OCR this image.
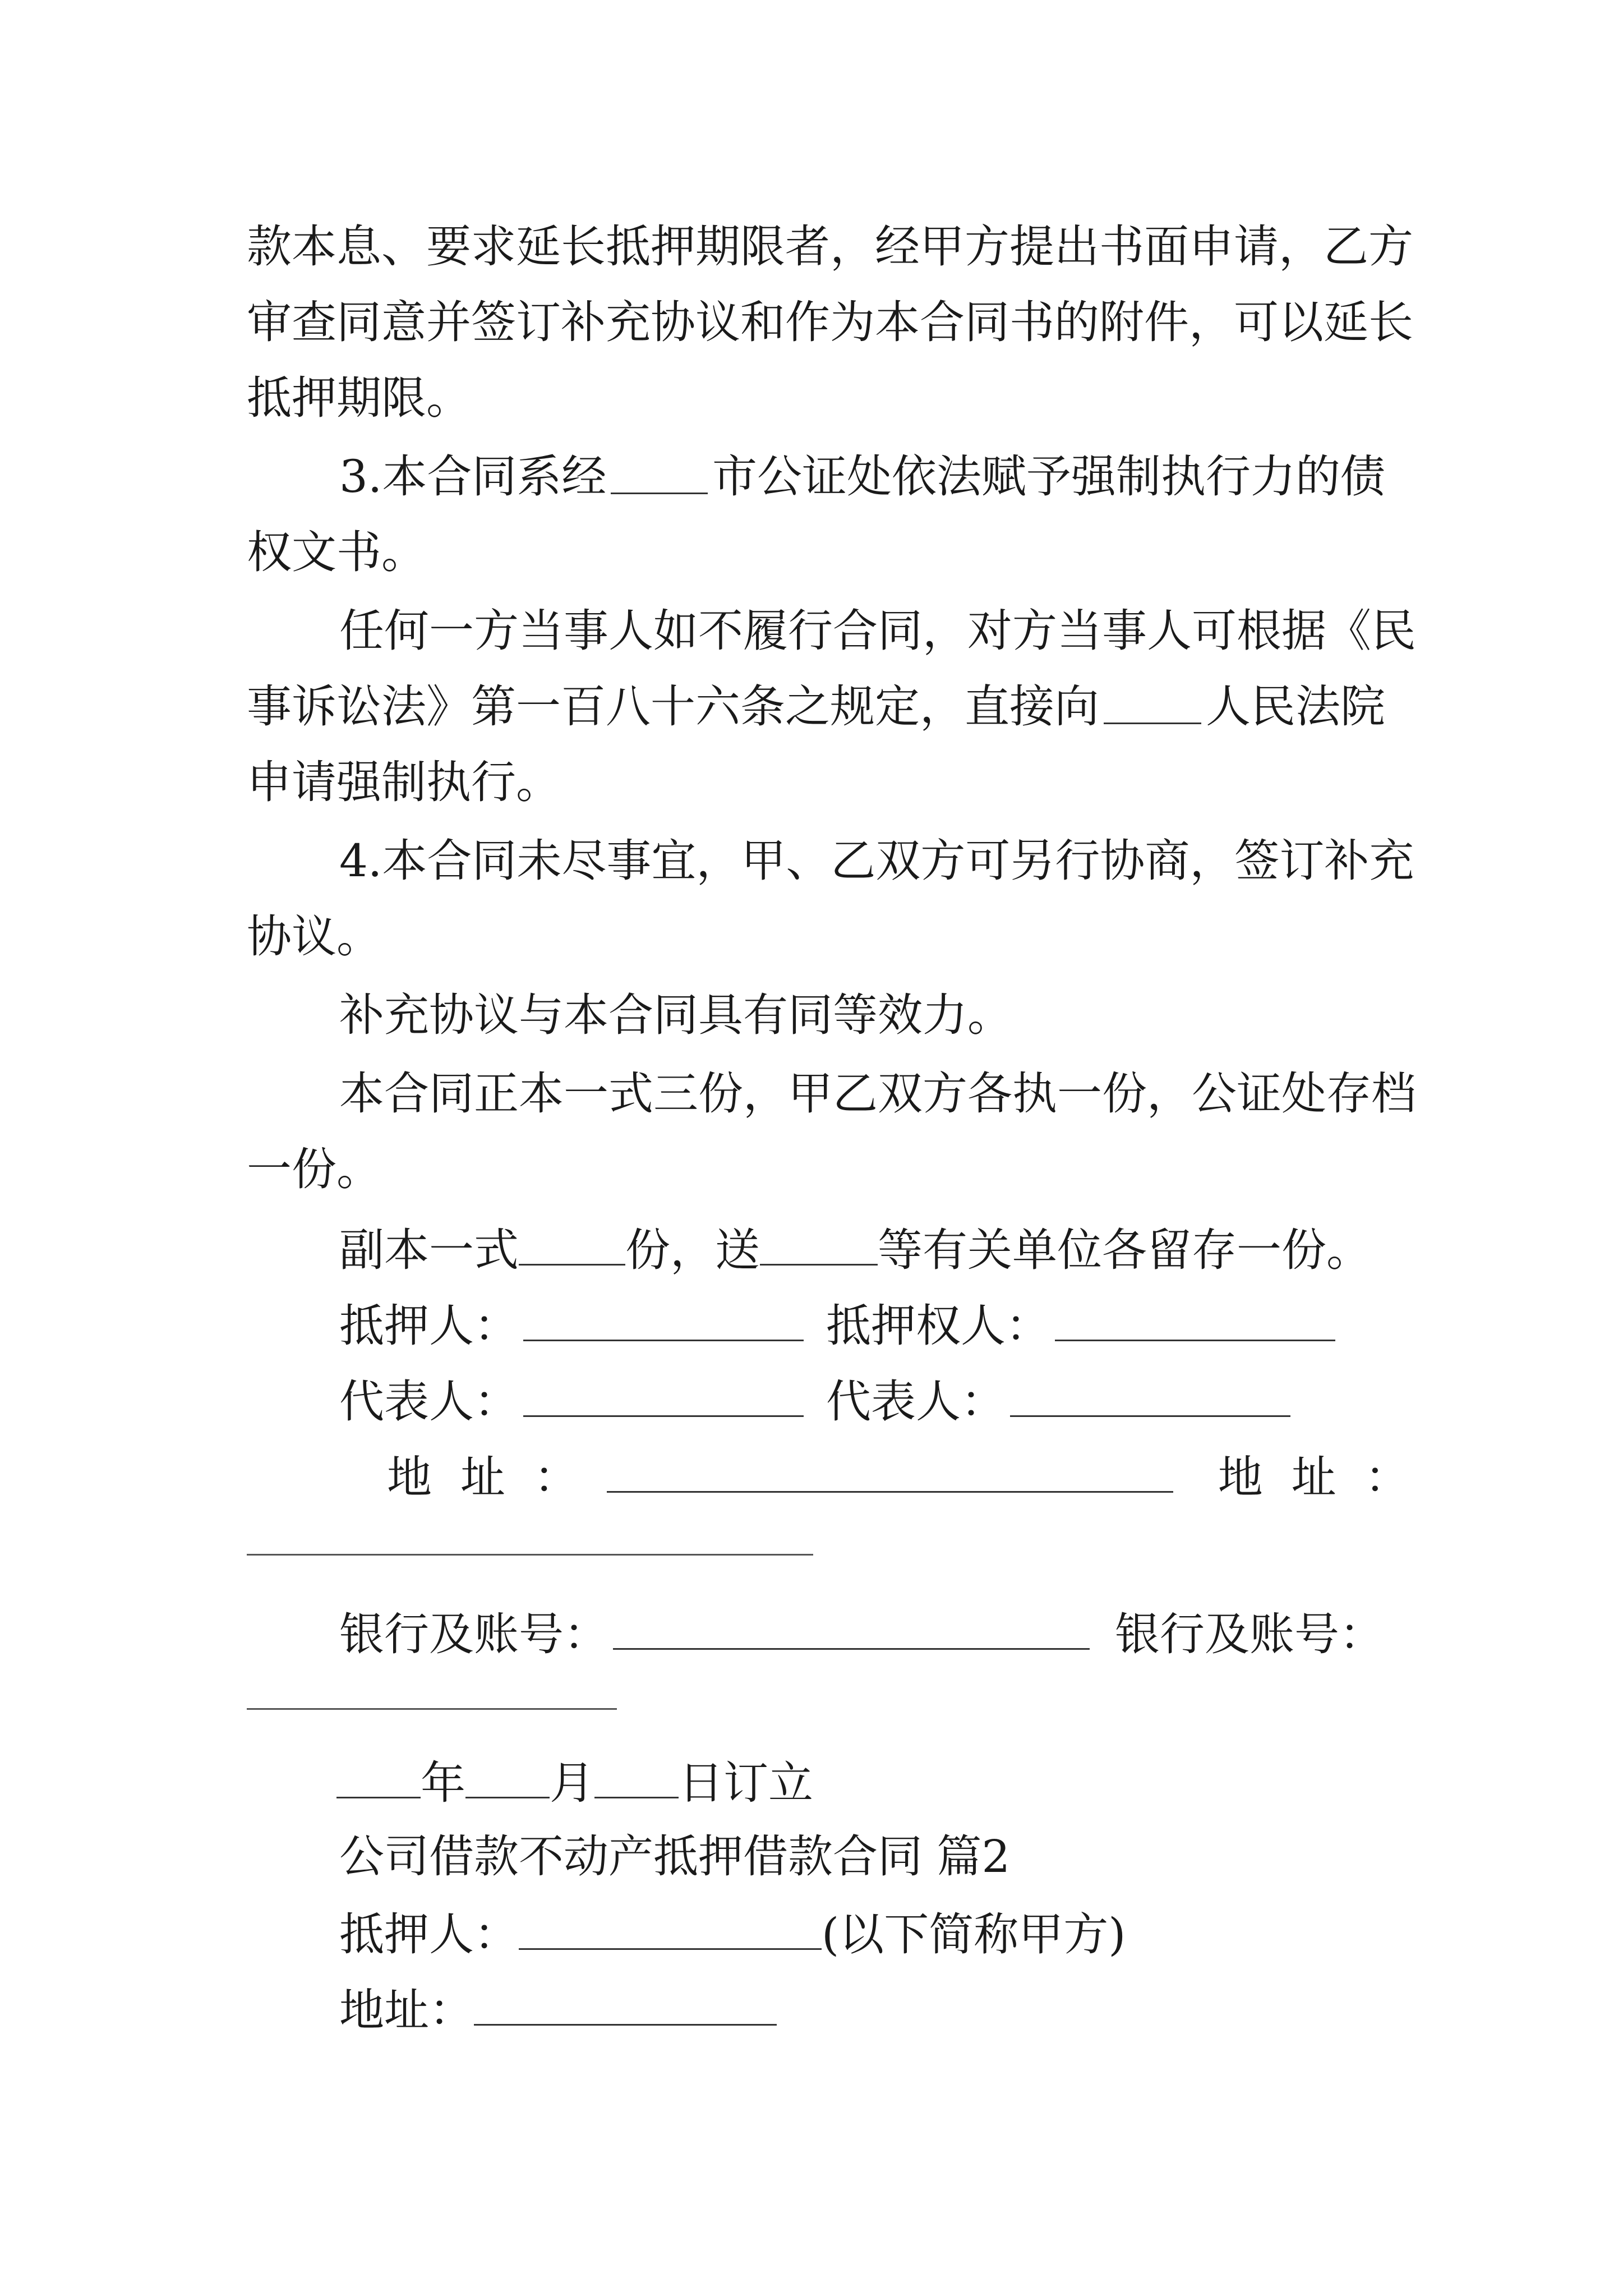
款本息、要求延长抵押期限者，经甲方提出书面申请，乙方
审查同意并签订补充协议和作为本合同书的附件，可以延长
抵押期限。
3.本合同系经 市公证处依法赋予强制执行力的债
权文书。
任何一方当事人如不履行合同，对方当事人可根据《民
事诉讼法》第一百八十六条之规定，直接向 人民法院
申请强制执行。
4.本合同未尽事宜，甲、乙双方可另行协商，签订补充
协议。
补充协议与本合同具有同等效力。
本合同正本一式三份，甲乙双方各执一份，公证处存档
一份。
副本一式 份，送	等有关单位各留存一份。
抵押人：	抵押权人：
代表人：	代表人：
地  址  ：	地  址  ：
银行及账号：	银行及账号：
年 月 日订立
公司借款不动产抵押借款合同 篇2
抵押人：	(以下简称甲方)
地址：
